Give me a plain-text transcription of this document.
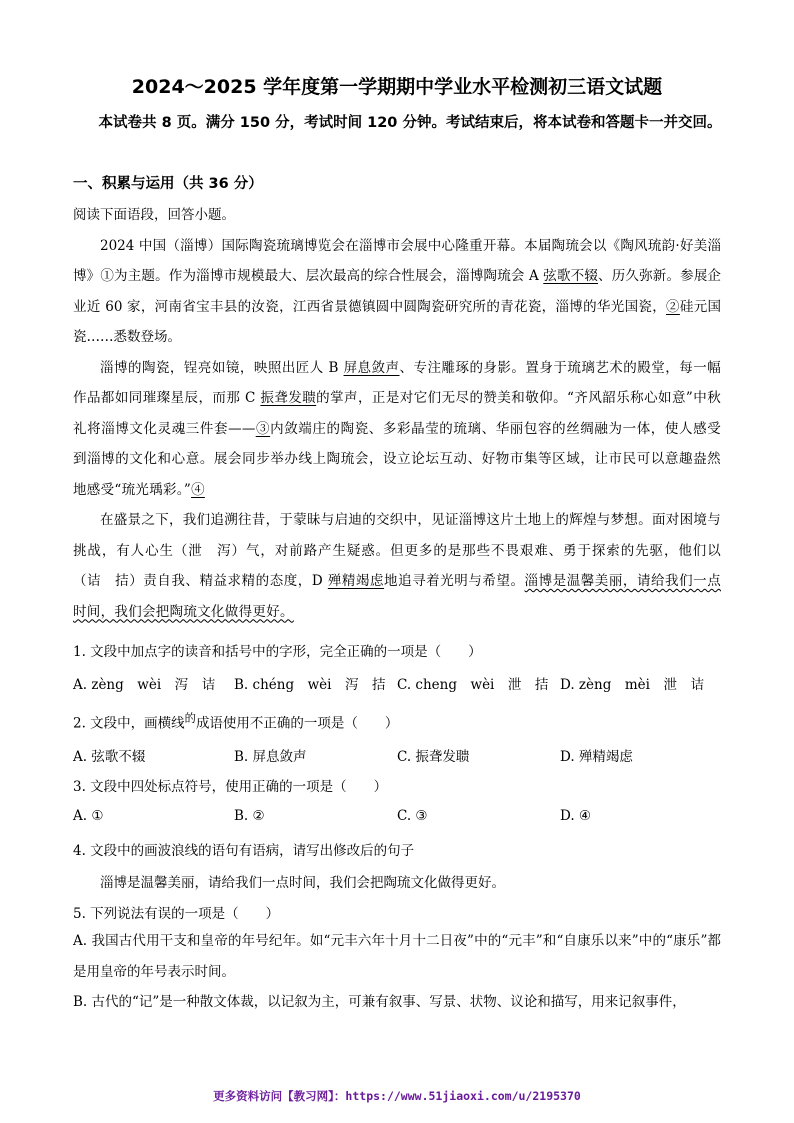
2024～2025 学年度第一学期期中学业水平检测初三语文试题
本试卷共 8 页。满分 150 分，考试时间 120 分钟。考试结束后，将本试卷和答题卡一并交回。
一、积累与运用（共 36 分）

阅读下面语段，回答小题。

2024 中国（淄博）国际陶瓷琉璃博览会在淄博市会展中心隆重开幕。本届陶琉会以《陶风琉韵·好美淄博》①为主题。作为淄博市规模最大、层次最高的综合性展会，淄博陶琉会 A 弦歌不辍、历久弥新。参展企业近 60 家，河南省宝丰县的汝瓷，江西省景德镇圆中圆陶瓷研究所的青花瓷，淄博的华光国瓷，②硅元国瓷……悉数登场。

淄博的陶瓷，锃亮如镜，映照出匠人 B 屏息敛声、专注雕琢的身影。置身于琉璃艺术的殿堂，每一幅作品都如同璀璨星辰，而那 C 振聋发聩的掌声，正是对它们无尽的赞美和敬仰。“齐风韶乐称心如意”中秋礼将淄博文化灵魂三件套——③内敛端庄的陶瓷、多彩晶莹的琉璃、华丽包容的丝绸融为一体，使人感受到淄博的文化和心意。展会同步举办线上陶琉会，设立论坛互动、好物市集等区域，让市民可以意趣盎然地感受“琉光瑀彩。”④

在盛景之下，我们追溯往昔，于蒙昧与启迪的交织中，见证淄博这片土地上的辉煌与梦想。面对困境与挑战，有人心生（泄　泻）气，对前路产生疑惑。但更多的是那些不畏艰难、勇于探索的先驱，他们以（诘　拮）责自我、精益求精的态度，D 殚精竭虑地追寻着光明与希望。淄博是温馨美丽，请给我们一点时间，我们会把陶琉文化做得更好。

1. 文段中加点字的读音和括号中的字形，完全正确的一项是（　　）
A. zèng　wèi　泻　诘	B. chéng　wèi　泻　拮 C. cheng　wèi　泄　拮 D. zèng　mèi　泄　诘
2. 文段中，画横线$^的$成语使用不正确的一项是（　　）
A. 弦歌不辍	B. 屏息敛声	C. 振聋发聩	D. 殚精竭虑
3. 文段中四处标点符号，使用正确的一项是（　　）
A. ①	B. ②	C. ③	D. ④
4. 文段中的画波浪线的语句有语病，请写出修改后的句子
淄博是温馨美丽，请给我们一点时间，我们会把陶琉文化做得更好。
5. 下列说法有误的一项是（　　）

A. 我国古代用干支和皇帝的年号纪年。如“元丰六年十月十二日夜”中的“元丰”和“自康乐以来”中的“康乐”都是用皇帝的年号表示时间。

B. 古代的“记”是一种散文体裁，以记叙为主，可兼有叙事、写景、状物、议论和描写，用来记叙事件，

更多资料访问【教习网】：https://www.51jiaoxi.com/u/2195370
